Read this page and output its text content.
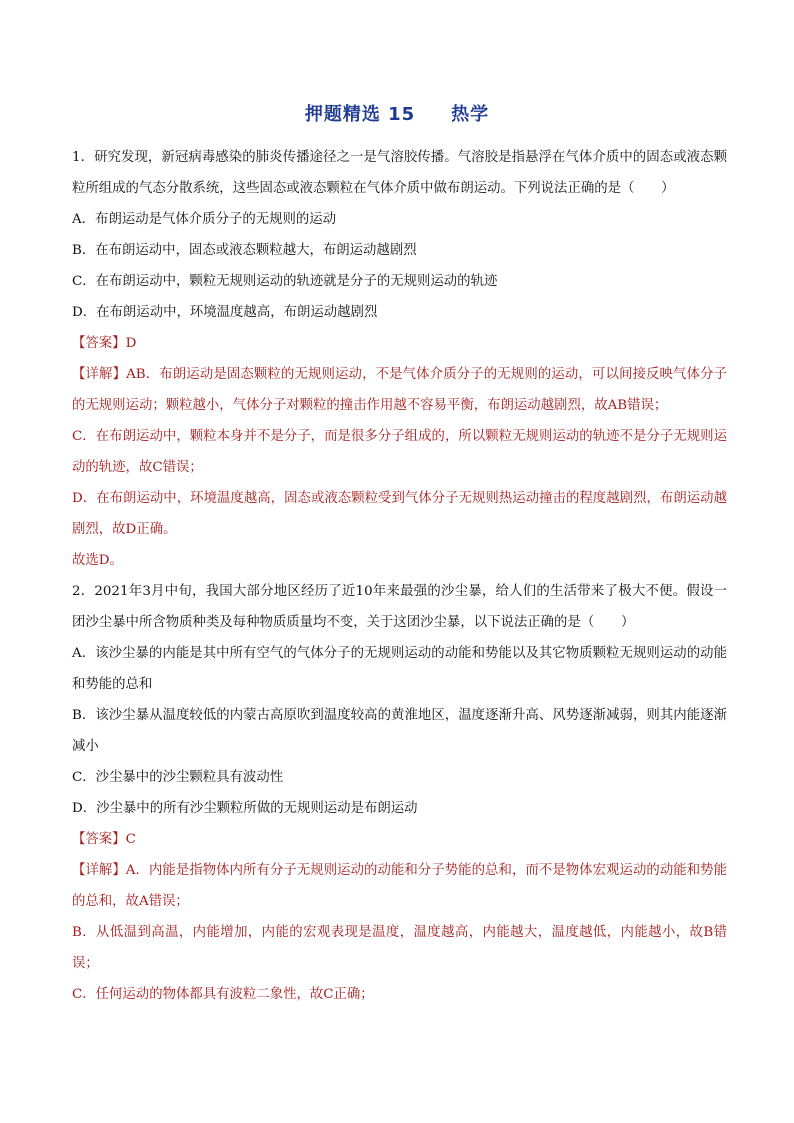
押题精选 15 热学

1．研究发现，新冠病毒感染的肺炎传播途径之一是气溶胶传播。气溶胶是指悬浮在气体介质中的固态或液态颗粒所组成的气态分散系统，这些固态或液态颗粒在气体介质中做布朗运动。下列说法正确的是（　　）

A．布朗运动是气体介质分子的无规则的运动

B．在布朗运动中，固态或液态颗粒越大，布朗运动越剧烈

C．在布朗运动中，颗粒无规则运动的轨迹就是分子的无规则运动的轨迹

D．在布朗运动中，环境温度越高，布朗运动越剧烈

【答案】D

【详解】AB．布朗运动是固态颗粒的无规则运动，不是气体介质分子的无规则的运动，可以间接反映气体分子的无规则运动；颗粒越小，气体分子对颗粒的撞击作用越不容易平衡，布朗运动越剧烈，故AB错误；

C．在布朗运动中，颗粒本身并不是分子，而是很多分子组成的，所以颗粒无规则运动的轨迹不是分子无规则运动的轨迹，故C错误；

D．在布朗运动中，环境温度越高，固态或液态颗粒受到气体分子无规则热运动撞击的程度越剧烈，布朗运动越剧烈，故D正确。

故选D。

2．2021年3月中旬，我国大部分地区经历了近10年来最强的沙尘暴，给人们的生活带来了极大不便。假设一团沙尘暴中所含物质种类及每种物质质量均不变，关于这团沙尘暴，以下说法正确的是（　　）

A．该沙尘暴的内能是其中所有空气的气体分子的无规则运动的动能和势能以及其它物质颗粒无规则运动的动能和势能的总和

B．该沙尘暴从温度较低的内蒙古高原吹到温度较高的黄淮地区，温度逐渐升高、风势逐渐减弱，则其内能逐渐减小

C．沙尘暴中的沙尘颗粒具有波动性

D．沙尘暴中的所有沙尘颗粒所做的无规则运动是布朗运动

【答案】C

【详解】A．内能是指物体内所有分子无规则运动的动能和分子势能的总和，而不是物体宏观运动的动能和势能的总和，故A错误；

B．从低温到高温，内能增加，内能的宏观表现是温度，温度越高，内能越大，温度越低，内能越小，故B错误；

C．任何运动的物体都具有波粒二象性，故C正确；
